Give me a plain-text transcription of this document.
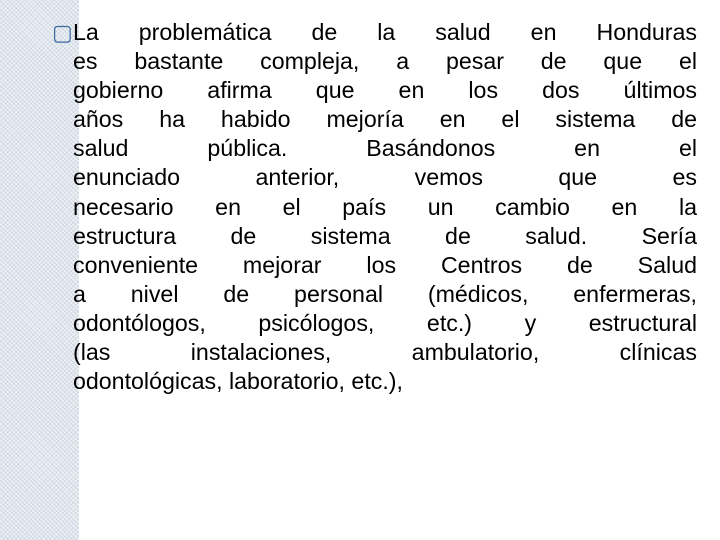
▢ La problemática de la salud en Honduras
es bastante compleja, a pesar de que el
gobierno afirma que en los dos últimos
años ha habido mejoría en el sistema de
salud pública. Basándonos en el
enunciado anterior, vemos que es
necesario en el país un cambio en la
estructura de sistema de salud. Sería
conveniente mejorar los Centros de Salud
a nivel de personal (médicos, enfermeras,
odontólogos, psicólogos, etc.) y estructural
(las instalaciones, ambulatorio, clínicas
odontológicas, laboratorio, etc.),
